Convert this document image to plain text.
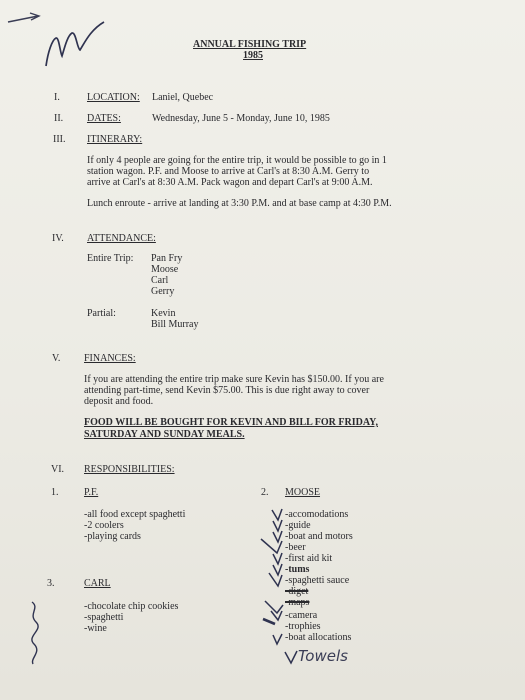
ANNUAL FISHING TRIP
1985
I.	LOCATION: Laniel, Quebec
II. DATES:	Wednesday, June 5 - Monday, June 10, 1985
III. ITINERARY:
If only 4 people are going for the entire trip, it would be possible to go in 1
station wagon. P.F. and Moose to arrive at Carl's at 8:30 A.M. Gerry to
arrive at Carl's at 8:30 A.M. Pack wagon and depart Carl's at 9:00 A.M.
Lunch enroute - arrive at landing at 3:30 P.M. and at base camp at 4:30 P.M.
IV. ATTENDANCE:
Entire Trip: Pan Fry
Moose
Carl
Gerry
Partial:	Kevin
Bill Murray
V. FINANCES:
If you are attending the entire trip make sure Kevin has $150.00. If you are
attending part-time, send Kevin $75.00. This is due right away to cover
deposit and food.
FOOD WILL BE BOUGHT FOR KEVIN AND BILL FOR FRIDAY,
SATURDAY AND SUNDAY MEALS.
VI. RESPONSIBILITIES:
1.	P.F.
-all food except spaghetti
-2 coolers
-playing cards
2. MOOSE
-accomodations
-guide
-boat and motors
-beer
-first aid kit
-tums
-spaghetti sauce
-diget
-maps
-camera
-trophies
-boat allocations
Towels
3.	CARL
-chocolate chip cookies
-spaghetti
-wine
